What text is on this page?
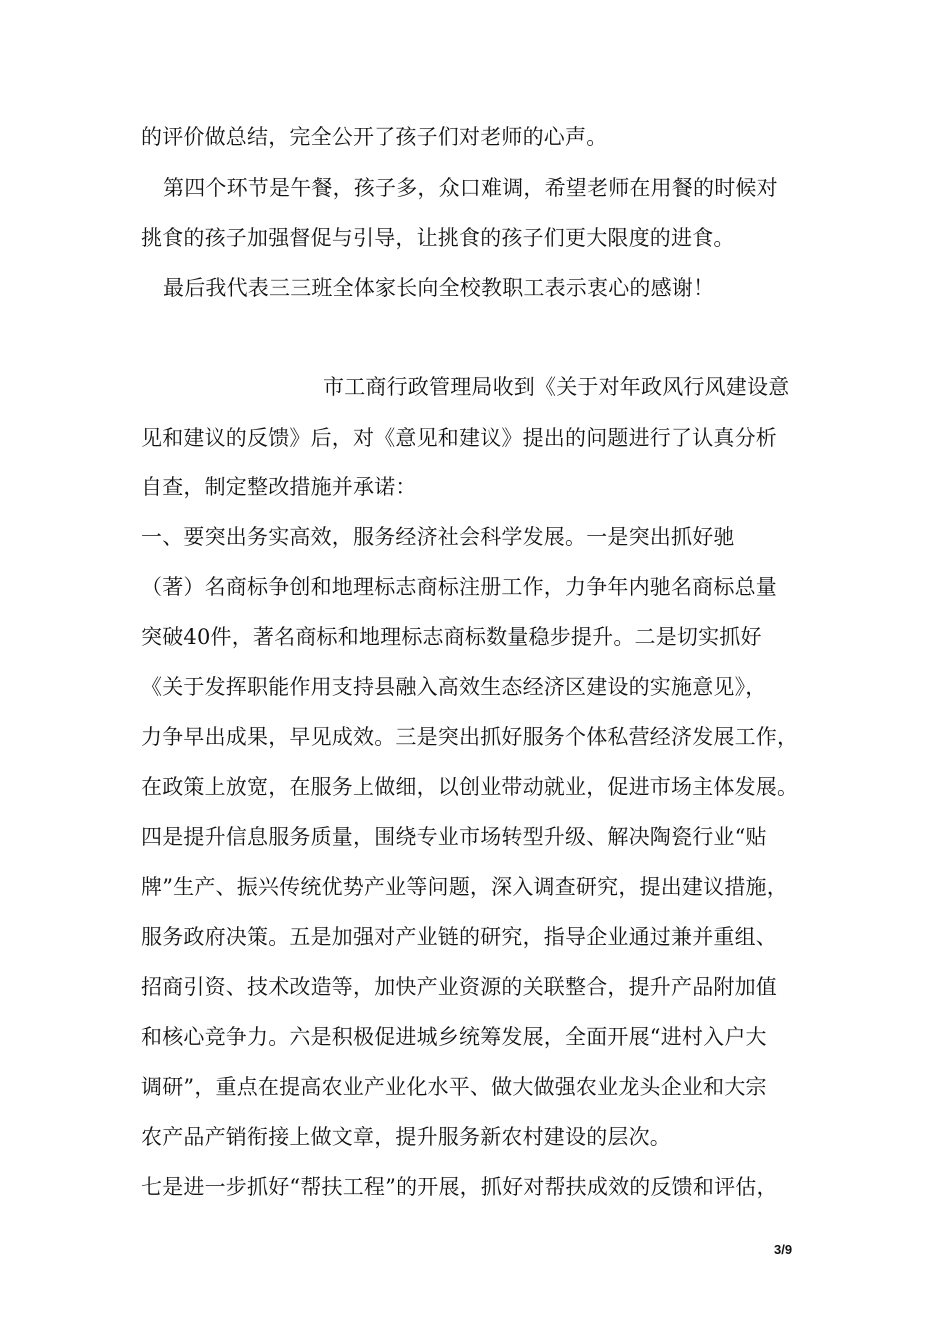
的评价做总结，完全公开了孩子们对老师的心声。
第四个环节是午餐，孩子多，众口难调，希望老师在用餐的时候对
挑食的孩子加强督促与引导，让挑食的孩子们更大限度的进食。
最后我代表三三班全体家长向全校教职工表示衷心的感谢！
市工商行政管理局收到《关于对年政风行风建设意
见和建议的反馈》后，对《意见和建议》提出的问题进行了认真分析
自查，制定整改措施并承诺：
一、要突出务实高效，服务经济社会科学发展。一是突出抓好驰
（著）名商标争创和地理标志商标注册工作，力争年内驰名商标总量
突破40件，著名商标和地理标志商标数量稳步提升。二是切实抓好
《关于发挥职能作用支持县融入高效生态经济区建设的实施意见》，
力争早出成果，早见成效。三是突出抓好服务个体私营经济发展工作，
在政策上放宽，在服务上做细，以创业带动就业，促进市场主体发展。
四是提升信息服务质量，围绕专业市场转型升级、解决陶瓷行业“贴
牌”生产、振兴传统优势产业等问题，深入调查研究，提出建议措施，
服务政府决策。五是加强对产业链的研究，指导企业通过兼并重组、
招商引资、技术改造等，加快产业资源的关联整合，提升产品附加值
和核心竞争力。六是积极促进城乡统筹发展，全面开展“进村入户大
调研”，重点在提高农业产业化水平、做大做强农业龙头企业和大宗
农产品产销衔接上做文章，提升服务新农村建设的层次。
七是进一步抓好“帮扶工程”的开展，抓好对帮扶成效的反馈和评估，
3/9
